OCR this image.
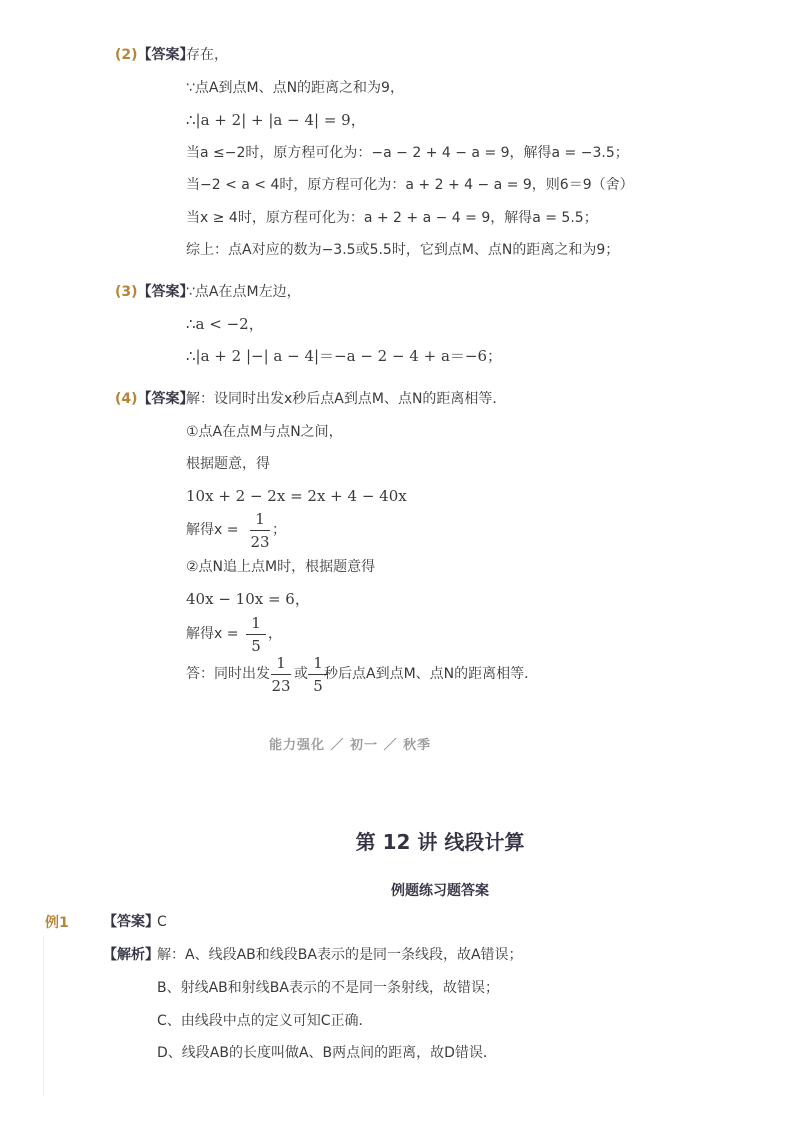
(2)【答案】
存在，
∵点A到点M、点N的距离之和为9，
∴|a + 2| + |a − 4| = 9，
当a ≤−2时，原方程可化为：−a − 2 + 4 − a = 9，解得a = −3.5；
当−2 < a < 4时，原方程可化为：a + 2 + 4 − a = 9，则6＝9（舍）
当x ≥ 4时，原方程可化为：a + 2 + a − 4 = 9，解得a = 5.5；
综上：点A对应的数为−3.5或5.5时，它到点M、点N的距离之和为9；
(3)【答案】
∵点A在点M左边，
∴a < −2，
∴|a + 2 |−| a − 4|＝−a − 2 − 4 + a＝−6；
(4)【答案】
解：设同时出发x秒后点A到点M、点N的距离相等．
①点A在点M与点N之间，
根据题意，得
10x + 2 − 2x = 2x + 4 − 40x
解得x =
1
23
；
②点N追上点M时，根据题意得
40x − 10x = 6，
解得x =
1
5
，
答：同时出发
1
23
或
1
5
秒后点A到点M、点N的距离相等．
能力强化 ／ 初一 ／ 秋季
第 12 讲 线段计算
例题练习题答案
例1 【答案】
C
【解析】
解：A、线段AB和线段BA表示的是同一条线段，故A错误；
B、射线AB和射线BA表示的不是同一条射线，故错误；
C、由线段中点的定义可知C正确．
D、线段AB的长度叫做A、B两点间的距离，故D错误．
